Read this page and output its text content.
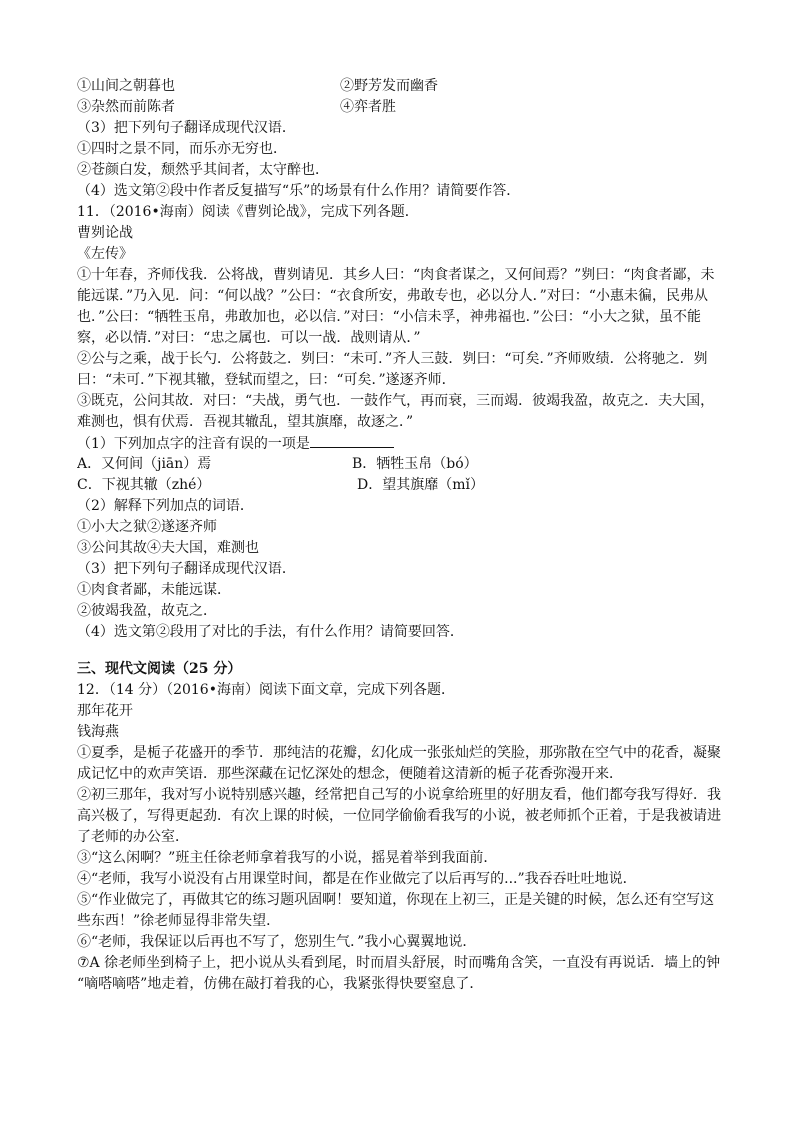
①山间之朝暮也	②野芳发而幽香
③杂然而前陈者	④弈者胜
（3）把下列句子翻译成现代汉语．
①四时之景不同，而乐亦无穷也．
②苍颜白发，颓然乎其间者，太守醉也．
（4）选文第②段中作者反复描写“乐”的场景有什么作用？请简要作答．
11．（2016•海南）阅读《曹刿论战》，完成下列各题．
曹刿论战
《左传》
①十年春，齐师伐我．公将战，曹刿请见．其乡人曰：“肉食者谋之，又何间焉？”刿曰：“肉食者鄙，未
能远谋．”乃入见．问：“何以战？”公曰：“衣食所安，弗敢专也，必以分人．”对曰：“小惠未徧，民弗从
也．”公曰：“牺牲玉帛，弗敢加也，必以信．”对曰：“小信未孚，神弗福也．”公曰：“小大之狱，虽不能
察，必以情．”对曰：“忠之属也．可以一战．战则请从．”
②公与之乘，战于长勺．公将鼓之．刿曰：“未可．”齐人三鼓．刿曰：“可矣．”齐师败绩．公将驰之．刿
曰：“未可．”下视其辙，登轼而望之，曰：“可矣．”遂逐齐师．
③既克，公问其故．对曰：“夫战，勇气也．一鼓作气，再而衰，三而竭．彼竭我盈，故克之．夫大国，
难测也，惧有伏焉．吾视其辙乱，望其旗靡，故逐之．”
（1）下列加点字的注音有误的一项是
A．又何间（jiān）焉	B．牺牲玉帛（bó）
C．下视其辙（zhé）	D．望其旗靡（mǐ）
（2）解释下列加点的词语．
①小大之狱②遂逐齐师
③公问其故④夫大国，难测也
（3）把下列句子翻译成现代汉语．
①肉食者鄙，未能远谋．
②彼竭我盈，故克之．
（4）选文第②段用了对比的手法，有什么作用？请简要回答．
三、现代文阅读（25 分）
12．（14 分）（2016•海南）阅读下面文章，完成下列各题．
那年花开
钱海燕
①夏季，是栀子花盛开的季节．那纯洁的花瓣，幻化成一张张灿烂的笑脸，那弥散在空气中的花香，凝聚
成记忆中的欢声笑语．那些深藏在记忆深处的想念，便随着这清新的栀子花香弥漫开来．
②初三那年，我对写小说特别感兴趣，经常把自己写的小说拿给班里的好朋友看，他们都夸我写得好．我
高兴极了，写得更起劲．有次上课的时候，一位同学偷偷看我写的小说，被老师抓个正着，于是我被请进
了老师的办公室．
③“这么闲啊？”班主任徐老师拿着我写的小说，摇晃着举到我面前．
④“老师，我写小说没有占用课堂时间，都是在作业做完了以后再写的...”我吞吞吐吐地说．
⑤“作业做完了，再做其它的练习题巩固啊！要知道，你现在上初三，正是关键的时候，怎么还有空写这
些东西！”徐老师显得非常失望．
⑥“老师，我保证以后再也不写了，您别生气．”我小心翼翼地说．
⑦A 徐老师坐到椅子上，把小说从头看到尾，时而眉头舒展，时而嘴角含笑，一直没有再说话．墙上的钟
“嘀嗒嘀嗒”地走着，仿佛在敲打着我的心，我紧张得快要窒息了．
